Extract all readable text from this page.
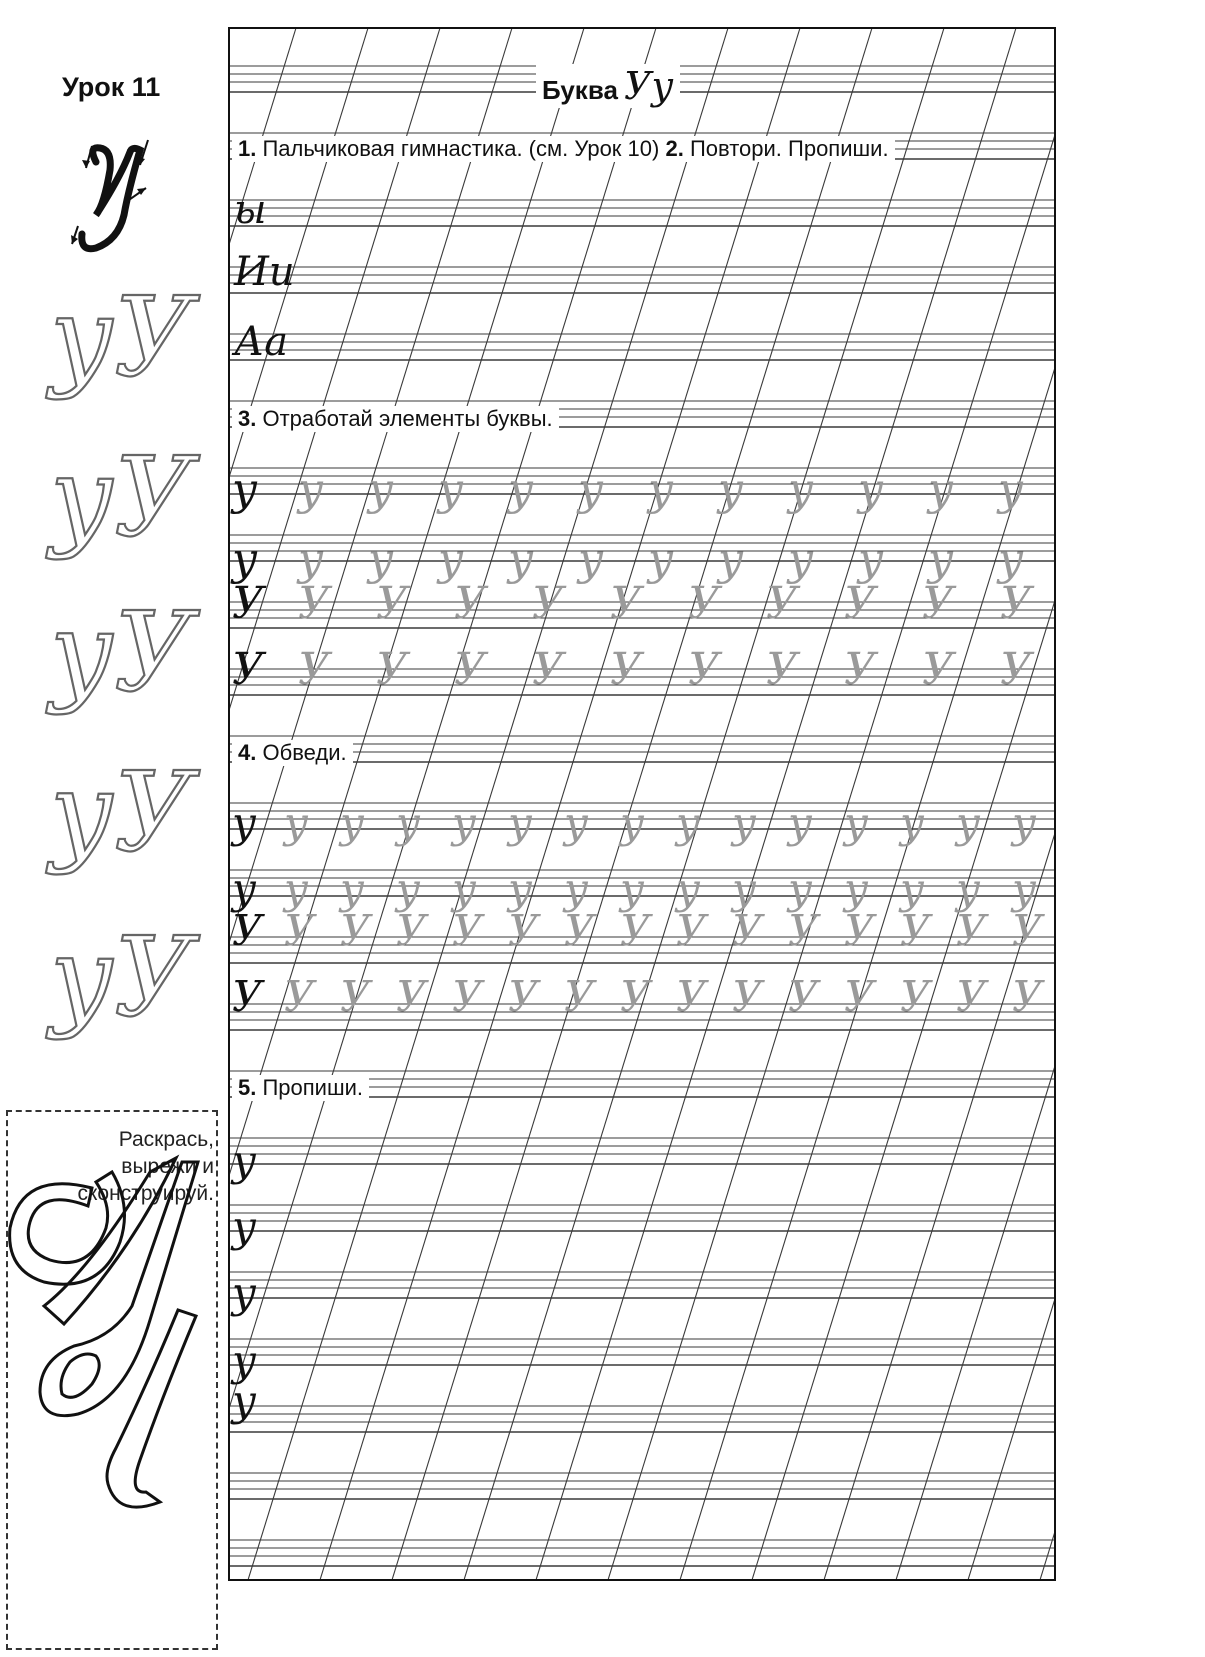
Урок 11
уУ
уУ
уУ
уУ
уУ
Раскрась,
вырежи и
сконструируй.
Буква Уу
1. Пальчиковая гимнастика. (см. Урок 10) 2. Повтори. Пропиши.
3. Отработай элементы буквы.
4. Обведи.
5. Пропиши.
ы
Ии
Аа
у у у у у у у у у у у у
у у у у у у у у у у у у
У У У У У У У У У У У
У У У У У У У У У У У
у у у у у у у у у у у у у у у
у у у у у у у у у у у у у у у
У У У У У У У У У У У У У У У
У У У У У У У У У У У У У У У
у
у
у
у
у
